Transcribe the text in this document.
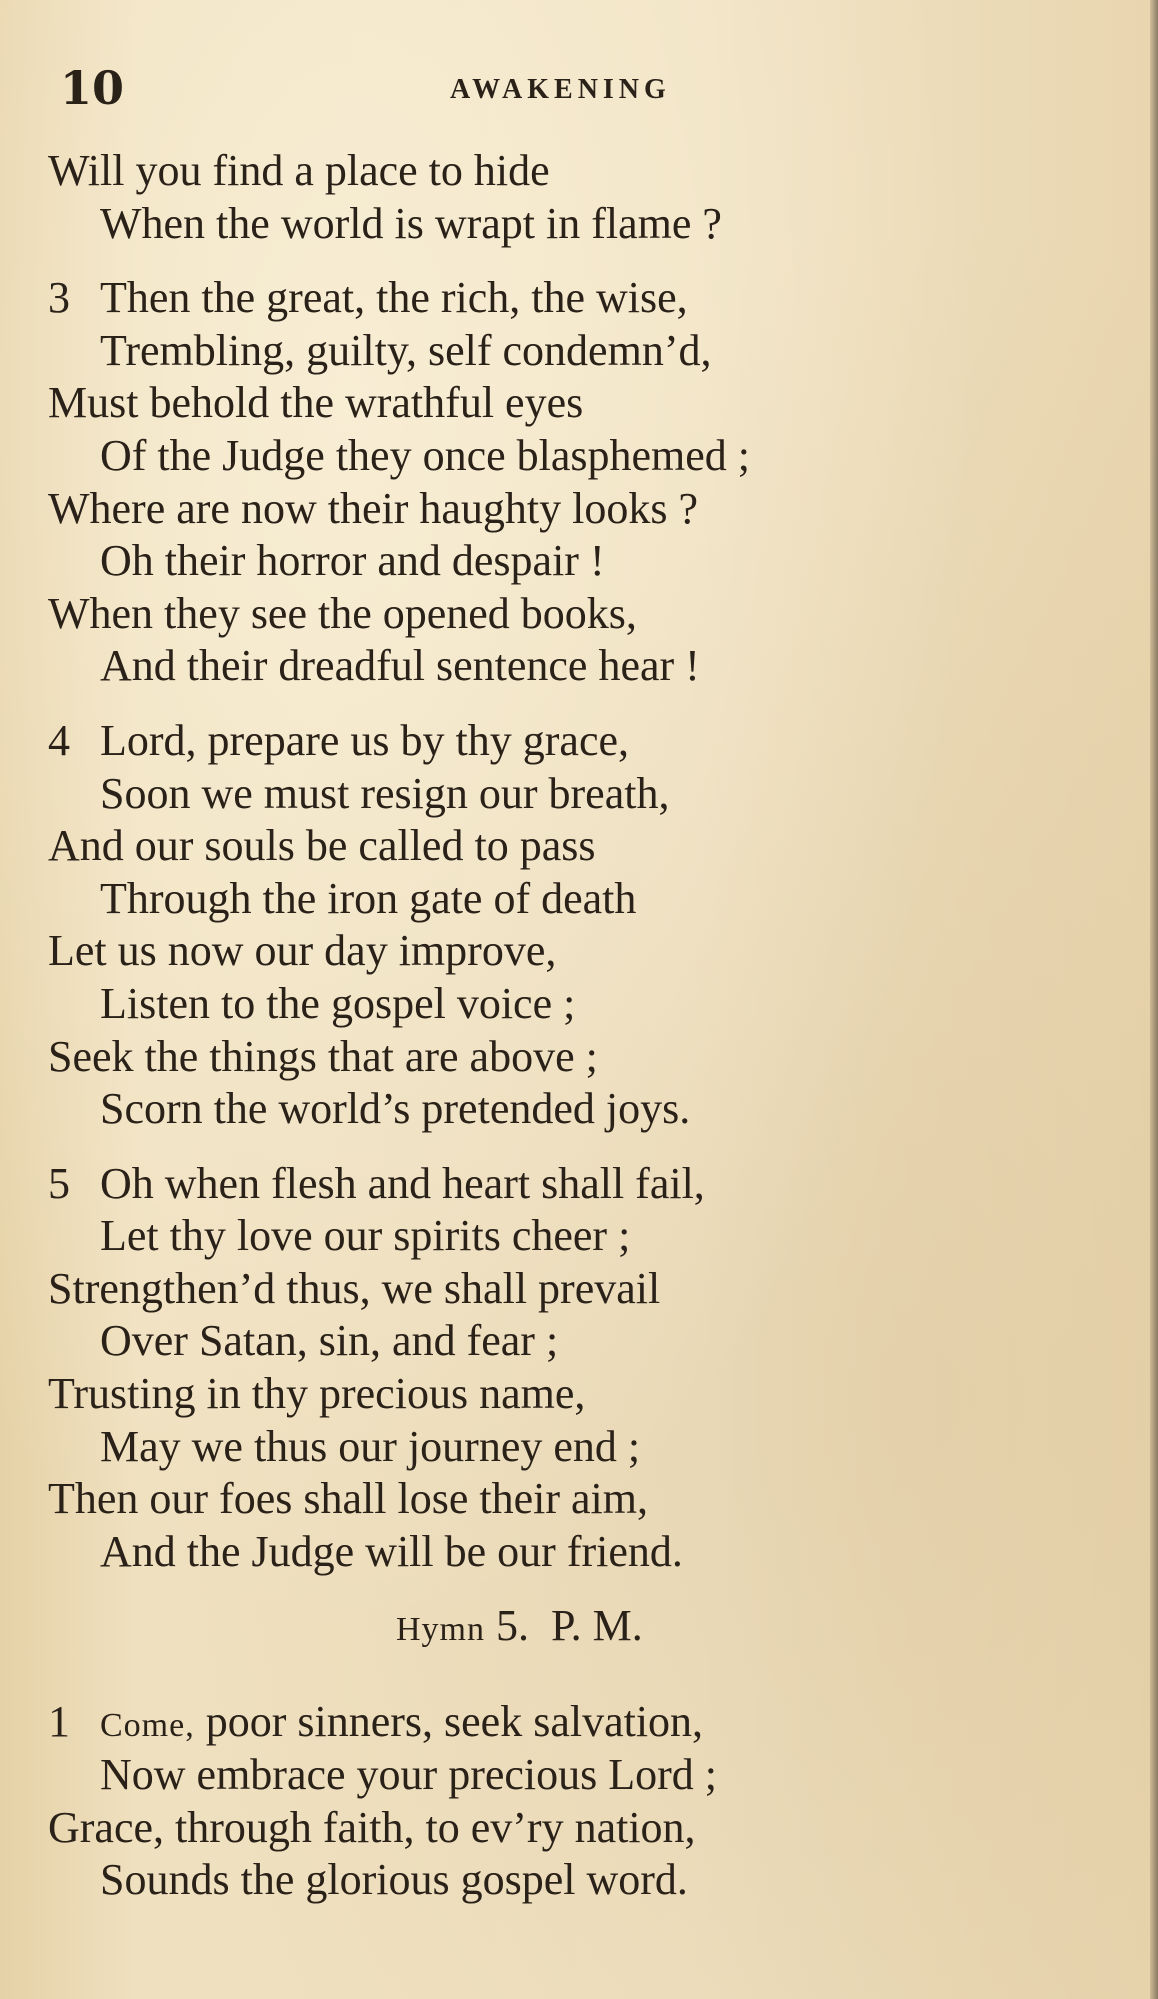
10	AWAKENING
Will you find a place to hide
When the world is wrapt in flame ?
3 Then the great, the rich, the wise,
Trembling, guilty, self condemn’d,
Must behold the wrathful eyes
Of the Judge they once blasphemed ;
Where are now their haughty looks ?
Oh their horror and despair !
When they see the opened books,
And their dreadful sentence hear !
4 Lord, prepare us by thy grace,
Soon we must resign our breath,
And our souls be called to pass
Through the iron gate of death
Let us now our day improve,
Listen to the gospel voice ;
Seek the things that are above ;
Scorn the world’s pretended joys.
5 Oh when flesh and heart shall fail,
Let thy love our spirits cheer ;
Strengthen’d thus, we shall prevail
Over Satan, sin, and fear ;
Trusting in thy precious name,
May we thus our journey end ;
Then our foes shall lose their aim,
And the Judge will be our friend.
Hymn 5. P. M.
1 Come, poor sinners, seek salvation,
Now embrace your precious Lord ;
Grace, through faith, to ev’ry nation,
Sounds the glorious gospel word.
